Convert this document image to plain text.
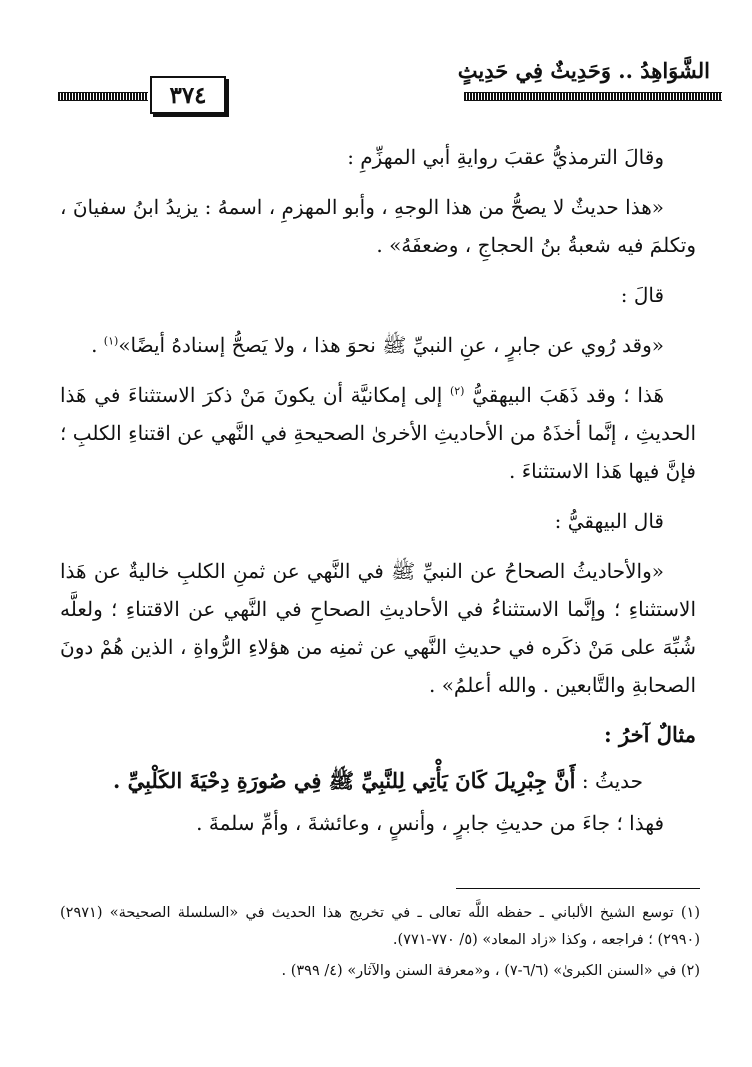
٣٧٤
الشَّوَاهِدُ .. وَحَدِيثٌ فِي حَدِيثٍ

وقالَ الترمذيُّ عقبَ روايةِ أبي المهزِّمِ :

«هذا حديثٌ لا يصحُّ من هذا الوجهِ ، وأبو المهزمِ ، اسمهُ : يزيدُ ابنُ سفيانَ ، وتكلمَ فيه شعبةُ بنُ الحجاجِ ، وضعفَهُ» .

قالَ :

«وقد رُوي عن جابرٍ ، عنِ النبيِّ ﷺ نحوَ هذا ، ولا يَصحُّ إسنادهُ أيضًا»$^{(١)}$ .

هَذا ؛ وقد ذَهَبَ البيهقيُّ $^{(٢)}$ إلى إمكانيَّة أن يكونَ مَنْ ذكرَ الاستثناءَ في هَذا الحديثِ ، إنَّما أخذَهُ من الأحاديثِ الأخرىٰ الصحيحةِ في النَّهي عن اقتناءِ الكلبِ ؛ فإنَّ فيها هَذا الاستثناءَ .

قال البيهقيُّ :

«والأحاديثُ الصحاحُ عن النبيِّ ﷺ في النَّهي عن ثمنِ الكلبِ خاليةٌ عن هَذا الاستثناءِ ؛ وإنَّما الاستثناءُ في الأحاديثِ الصحاحِ في النَّهي عن الاقتناءِ ؛ ولعلَّه شُبِّهَ على مَنْ ذكَره في حديثِ النَّهي عن ثمنِه من هؤلاءِ الرُّواةِ ، الذين هُمْ دونَ الصحابةِ والتَّابعين . والله أعلمُ» .

مثالٌ آخرُ :

حديثُ : أَنَّ جِبْرِيلَ كَانَ يَأْتِي لِلنَّبِيِّ ﷺ فِي صُورَةِ دِحْيَةَ الكَلْبِيِّ .

فهذا ؛ جاءَ من حديثِ جابرٍ ، وأنسٍ ، وعائشةَ ، وأمِّ سلمةَ .

(١) توسع الشيخ الألباني ـ حفظه اللَّه تعالى ـ في تخريج هذا الحديث في «السلسلة الصحيحة» (٢٩٧١) (٢٩٩٠) ؛ فراجعه ، وكذا «زاد المعاد» (٥/ ٧٧٠-٧٧١).

(٢) في «السنن الكبرىٰ» (٦/٦-٧) ، و«معرفة السنن والآثار» (٤/ ٣٩٩) .
